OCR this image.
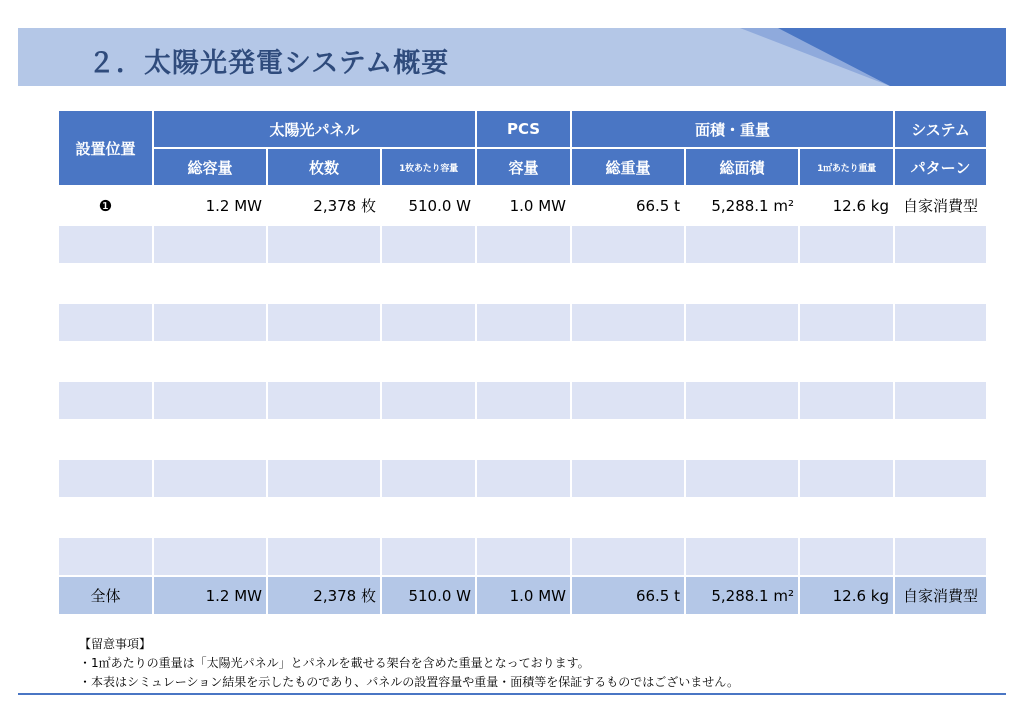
２．太陽光発電システム概要
設置位置	太陽光パネル			PCS	面積・重量			システム
	総容量	枚数	1枚あたり容量	容量	総重量	総面積	1㎡あたり重量	パターン
❶	1.2 MW	2,378 枚	510.0 W	1.0 MW	66.5 t	5,288.1 m²	12.6 kg	自家消費型

全体	1.2 MW	2,378 枚	510.0 W	1.0 MW	66.5 t	5,288.1 m²	12.6 kg	自家消費型
【留意事項】
・1㎡あたりの重量は「太陽光パネル」とパネルを載せる架台を含めた重量となっております。
・本表はシミュレーション結果を示したものであり、パネルの設置容量や重量・面積等を保証するものではございません。
